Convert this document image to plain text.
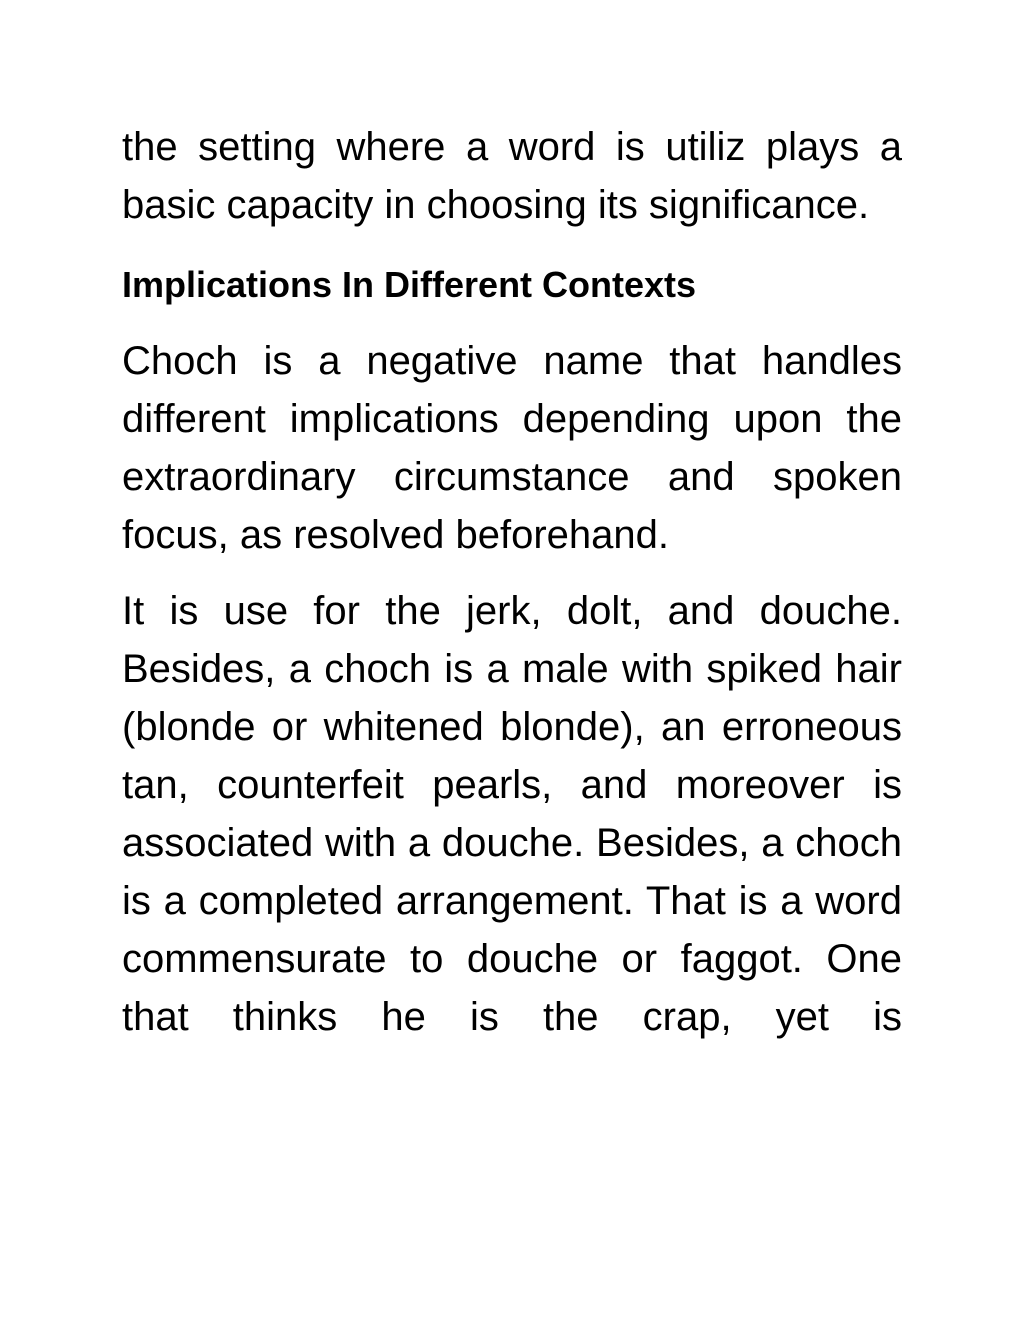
the setting where a word is utiliz plays a basic capacity in choosing its significance.

Implications In Different Contexts

Choch is a negative name that handles different implications depending upon the extraordinary circumstance and spoken focus, as resolved beforehand.

It is use for the jerk, dolt, and douche. Besides, a choch is a male with spiked hair (blonde or whitened blonde), an erroneous tan, counterfeit pearls, and moreover is associated with a douche. Besides, a choch is a completed arrangement. That is a word commensurate to douche or faggot. One that thinks he is the crap, yet is
